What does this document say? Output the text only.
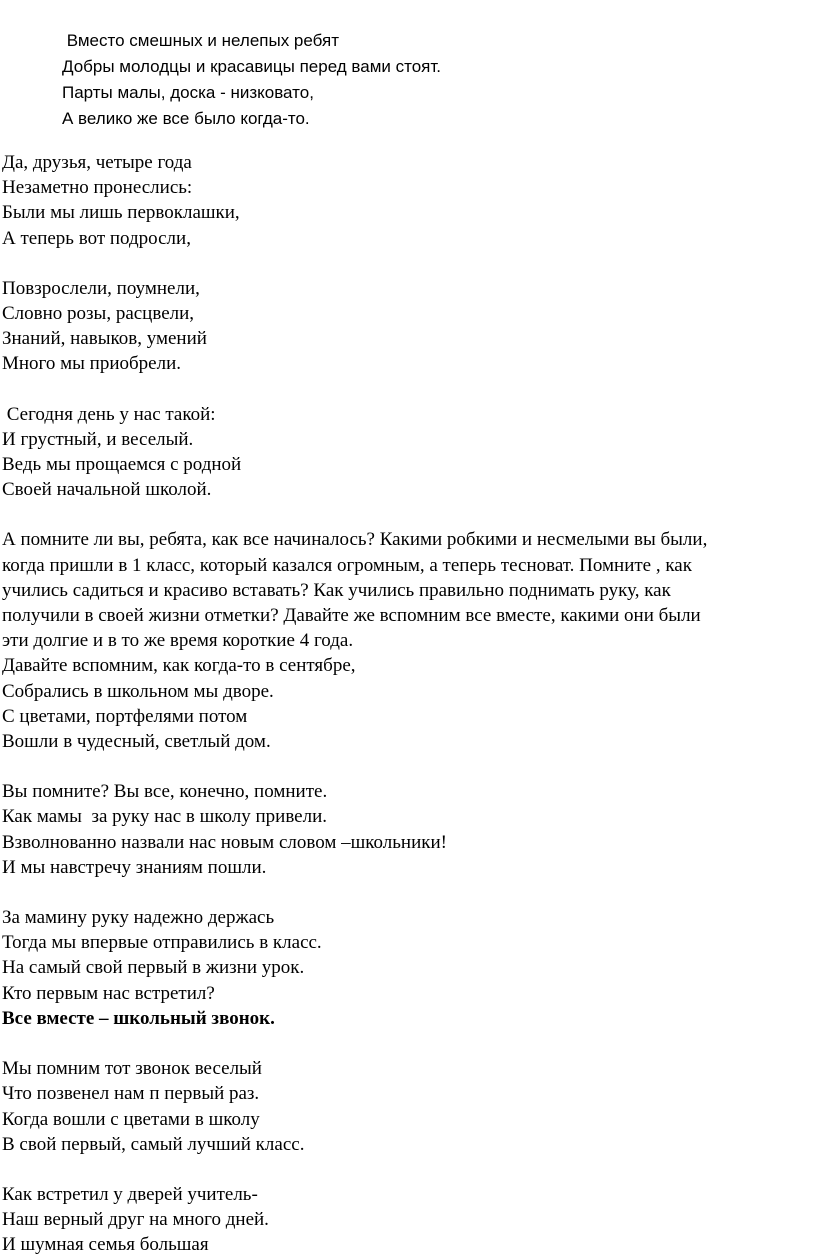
Вместо смешных и нелепых ребят
Добры молодцы и красавицы перед вами стоят.
Парты малы, доска - низковато,
А велико же все было когда-то.
Да, друзья, четыре года
Незаметно пронеслись:
Были мы лишь первоклашки,
А теперь вот подросли,
Повзрослели, поумнели,
Словно розы, расцвели,
Знаний, навыков, умений
Много мы приобрели.
Сегодня день у нас такой:
И грустный, и веселый.
Ведь мы прощаемся с родной
Своей начальной школой.
А помните ли вы, ребята, как все начиналось? Какими робкими и несмелыми вы были,
когда пришли в 1 класс, который казался огромным, а теперь тесноват. Помните , как
учились садиться и красиво вставать? Как учились правильно поднимать руку, как
получили в своей жизни отметки? Давайте же вспомним все вместе, какими они были
эти долгие и в то же время короткие 4 года.
Давайте вспомним, как когда-то в сентябре,
Собрались в школьном мы дворе.
С цветами, портфелями потом
Вошли в чудесный, светлый дом.
Вы помните? Вы все, конечно, помните.
Как мамы  за руку нас в школу привели.
Взволнованно назвали нас новым словом –школьники!
И мы навстречу знаниям пошли.
За мамину руку надежно держась
Тогда мы впервые отправились в класс.
На самый свой первый в жизни урок.
Кто первым нас встретил?
Все вместе – школьный звонок.
Мы помним тот звонок веселый
Что позвенел нам п первый раз.
Когда вошли с цветами в школу
В свой первый, самый лучший класс.
Как встретил у дверей учитель-
Наш верный друг на много дней.
И шумная семья большая
